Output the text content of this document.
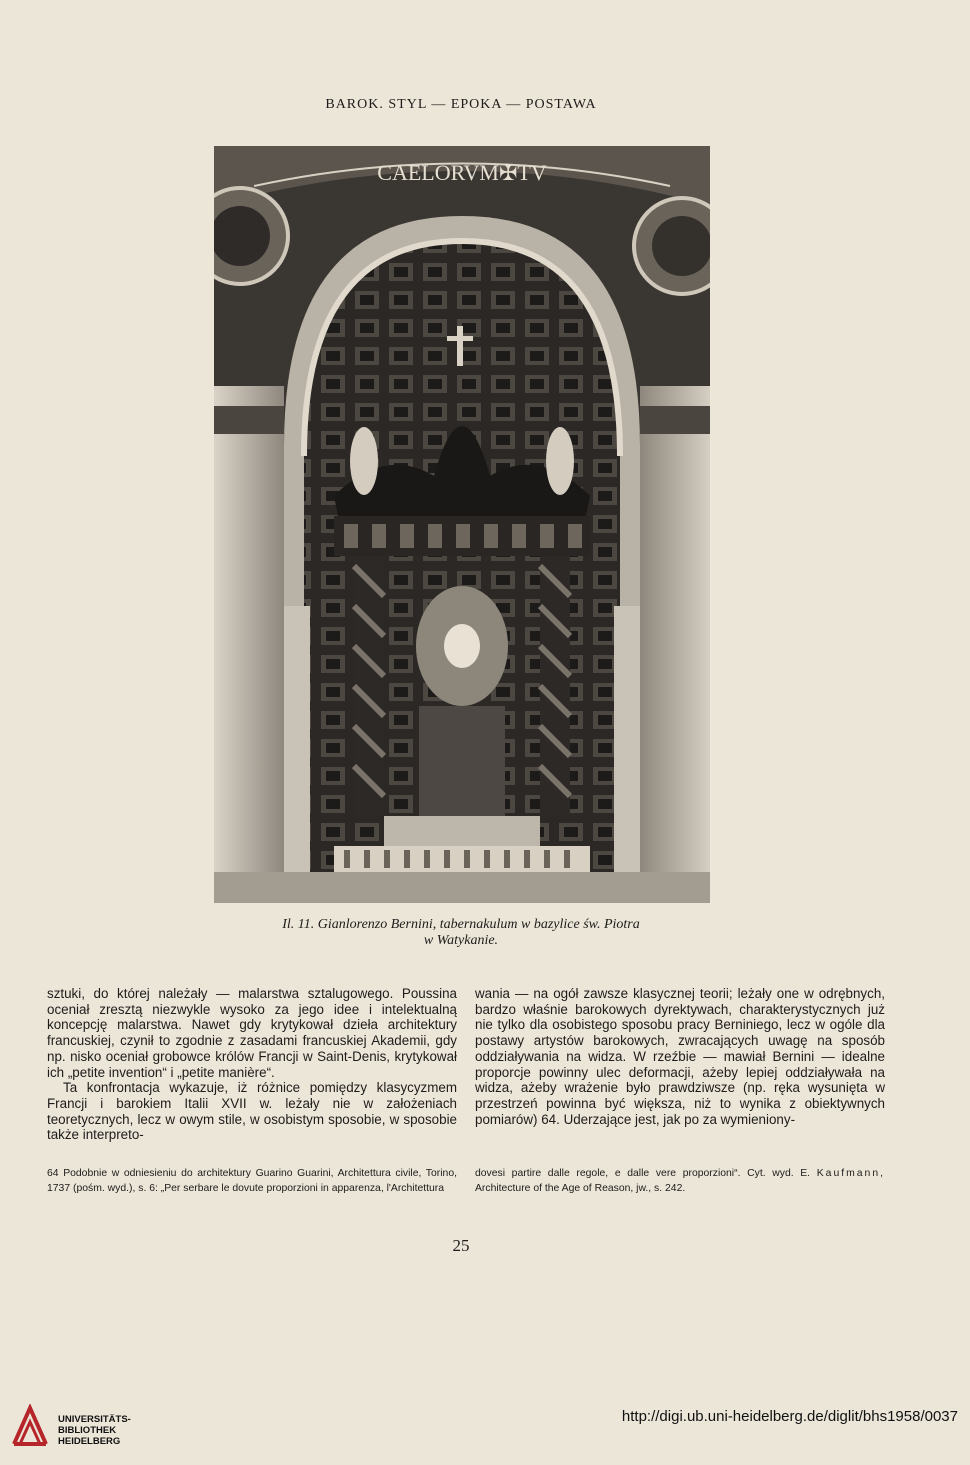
BAROK. STYL — EPOKA — POSTAWA
CAELORVM✠TV
Il. 11. Gianlorenzo Bernini, tabernakulum w bazylice św. Piotra
w Watykanie.

sztuki, do której należały — malarstwa sztalugowego. Poussina oceniał zresztą niezwykle wysoko za jego idee i intelektualną koncepcję malarstwa. Nawet gdy krytykował dzieła architektury francuskiej, czynił to zgodnie z zasadami francuskiej Akademii, gdy np. nisko oceniał grobowce królów Francji w Saint-Denis, krytykował ich „petite invention“ i „petite manière“.

Ta konfrontacja wykazuje, iż różnice pomiędzy klasycyzmem Francji i barokiem Italii XVII w. leżały nie w założeniach teoretycznych, lecz w owym stile, w osobistym sposobie, w sposobie także interpreto-

wania — na ogół zawsze klasycznej teorii; leżały one w odrębnych, bardzo właśnie barokowych dyrektywach, charakterystycznych już nie tylko dla osobistego sposobu pracy Berniniego, lecz w ogóle dla postawy artystów barokowych, zwracających uwagę na sposób oddziaływania na widza. W rzeźbie — mawiał Bernini — idealne proporcje powinny ulec deformacji, ażeby lepiej oddziaływała na widza, ażeby wrażenie było prawdziwsze (np. ręka wysunięta w przestrzeń powinna być większa, niż to wynika z obiektywnych pomiarów) 64. Uderzające jest, jak po za wymieniony-

64 Podobnie w odniesieniu do architektury Guarino Guarini, Architettura civile, Torino, 1737 (pośm. wyd.), s. 6: „Per serbare le dovute proporzioni in apparenza, l'Architettura

dovesi partire dalle regole, e dalle vere proporzioni“. Cyt. wyd. E. Kaufmann, Architecture of the Age of Reason, jw., s. 242.

25
UNIVERSITÄTS-
BIBLIOTHEK
HEIDELBERG
http://digi.ub.uni-heidelberg.de/diglit/bhs1958/0037
